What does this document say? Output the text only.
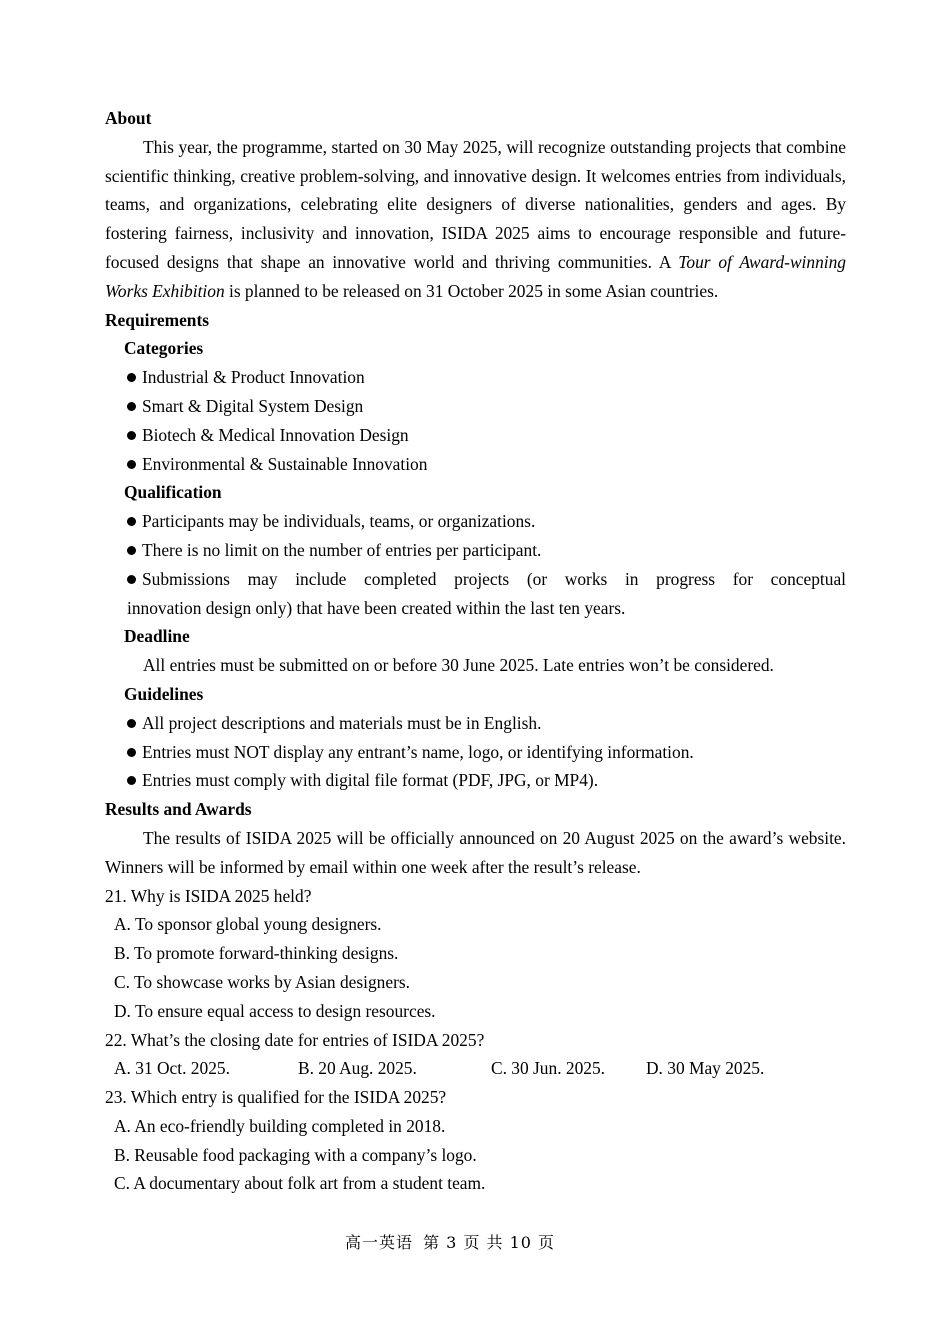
About
This year, the programme, started on 30 May 2025, will recognize outstanding projects that combine scientific thinking, creative problem-solving, and innovative design. It welcomes entries from individuals, teams, and organizations, celebrating elite designers of diverse nationalities, genders and ages. By fostering fairness, inclusivity and innovation, ISIDA 2025 aims to encourage responsible and future-focused designs that shape an innovative world and thriving communities. A Tour of Award-winning Works Exhibition is planned to be released on 31 October 2025 in some Asian countries.
Requirements
Categories
Industrial & Product Innovation
Smart & Digital System Design
Biotech & Medical Innovation Design
Environmental & Sustainable Innovation
Qualification
Participants may be individuals, teams, or organizations.
There is no limit on the number of entries per participant.
Submissions may include completed projects (or works in progress for conceptual
innovation design only) that have been created within the last ten years.
Deadline
All entries must be submitted on or before 30 June 2025. Late entries won’t be considered.
Guidelines
All project descriptions and materials must be in English.
Entries must NOT display any entrant’s name, logo, or identifying information.
Entries must comply with digital file format (PDF, JPG, or MP4).
Results and Awards
The results of ISIDA 2025 will be officially announced on 20 August 2025 on the award’s website. Winners will be informed by email within one week after the result’s release.
21. Why is ISIDA 2025 held?
A. To sponsor global young designers.
B. To promote forward-thinking designs.
C. To showcase works by Asian designers.
D. To ensure equal access to design resources.
22. What’s the closing date for entries of ISIDA 2025?
A. 31 Oct. 2025.	B. 20 Aug. 2025.	C. 30 Jun. 2025.	D. 30 May 2025.
23. Which entry is qualified for the ISIDA 2025?
A. An eco-friendly building completed in 2018.
B. Reusable food packaging with a company’s logo.
C. A documentary about folk art from a student team.
高一英语 第 3 页 共 10 页
